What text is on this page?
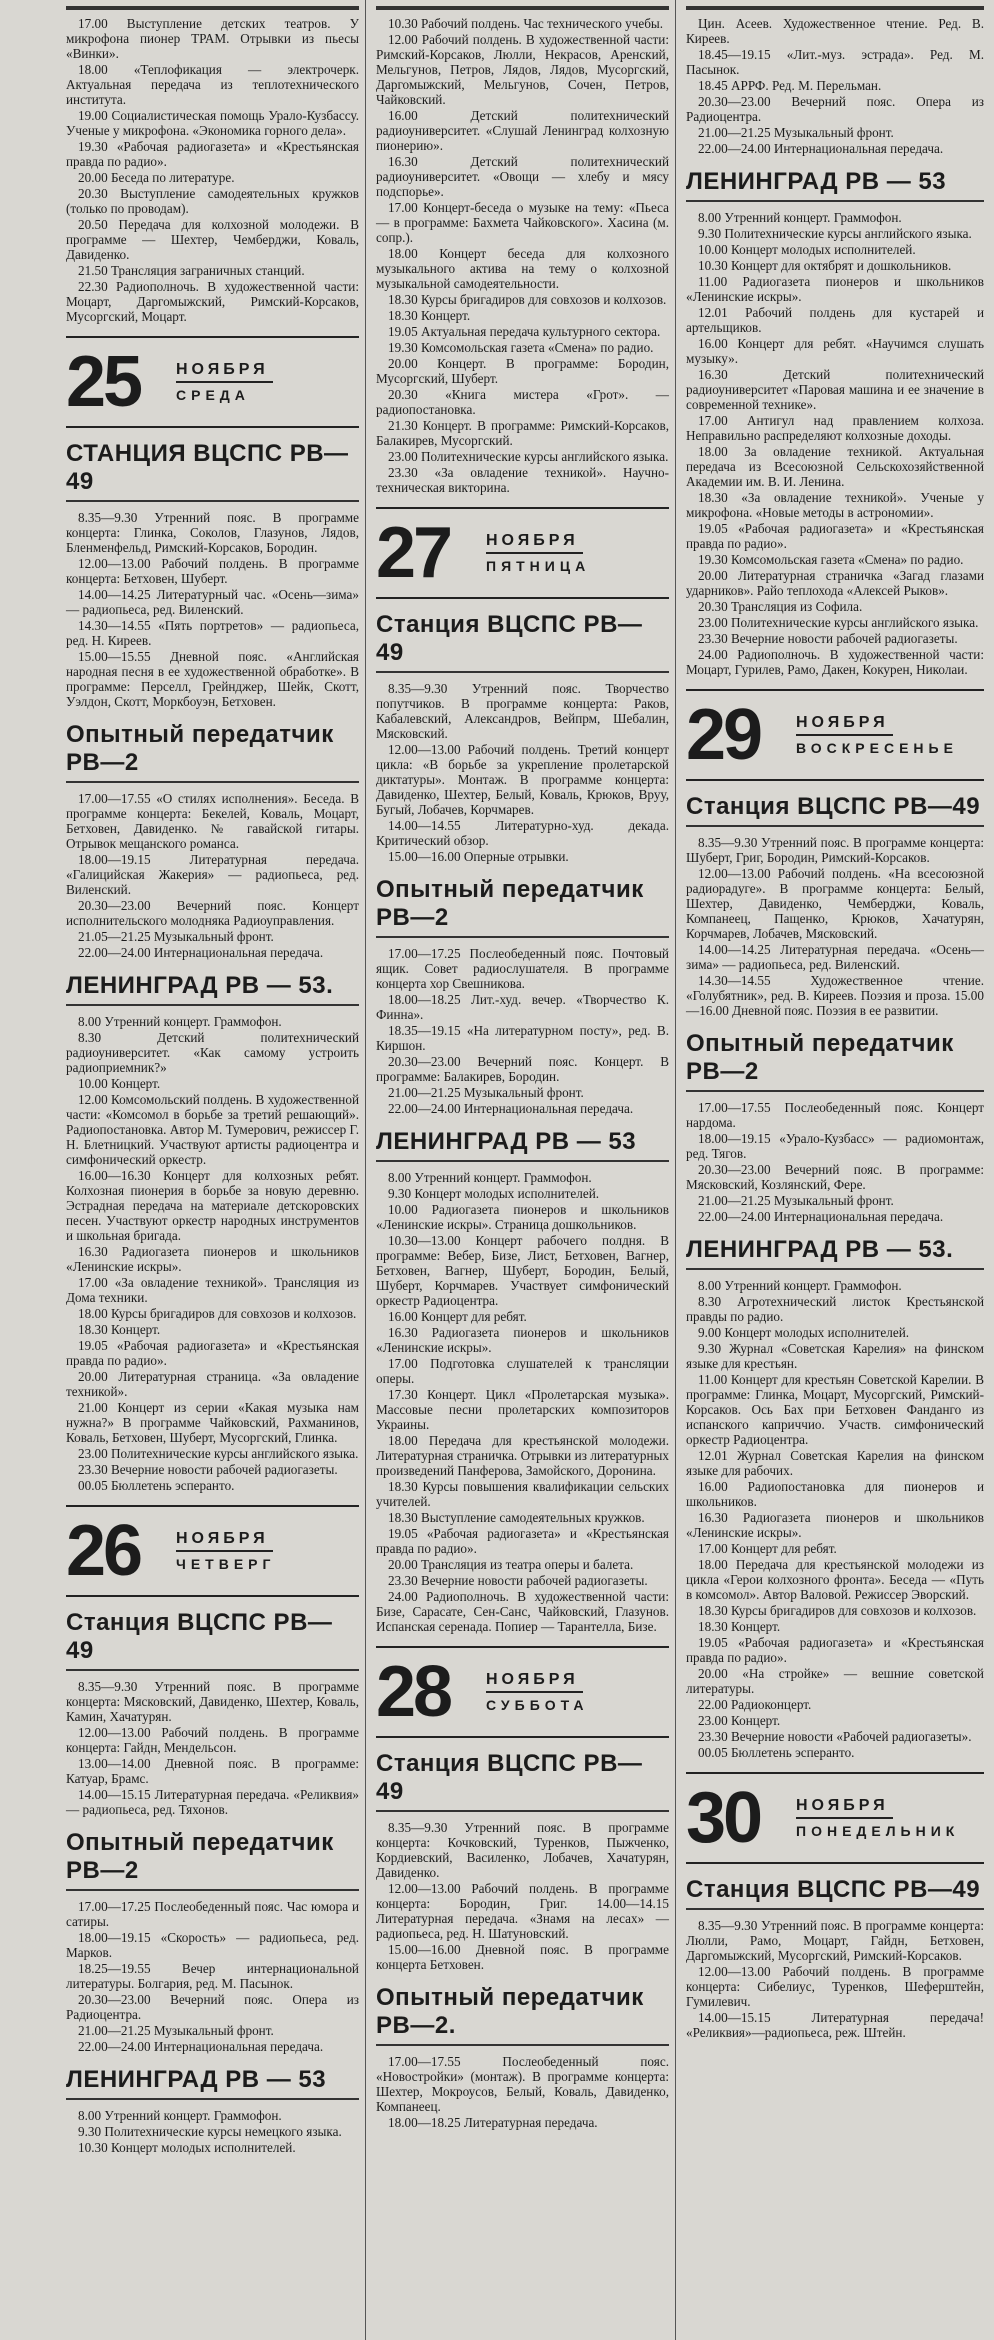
17.00 Выступление детских театров. У микрофона пионер ТРАМ. Отрывки из пьесы «Винки».

18.00 «Теплофикация — электрочерк. Актуальная передача из теплотехнического института.

19.00 Социалистическая помощь Урало-Кузбассу. Ученые у микрофона. «Экономика горного дела».

19.30 «Рабочая радиогазета» и «Крестьянская правда по радио».

20.00 Беседа по литературе.

20.30 Выступление самодеятельных кружков (только по проводам).

20.50 Передача для колхозной молодежи. В программе — Шехтер, Чемберджи, Коваль, Давиденко.

21.50 Трансляция заграничных станций.

22.30 Радиополночь. В художественной части: Моцарт, Даргомыжский, Римский-Корсаков, Мусоргский, Моцарт.

25	НОЯБРЯ
СРЕДА
СТАНЦИЯ ВЦСПС РВ—49

8.35—9.30 Утренний пояс. В программе концерта: Глинка, Соколов, Глазунов, Лядов, Бленменфельд, Римский-Корсаков, Бородин.

12.00—13.00 Рабочий полдень. В программе концерта: Бетховен, Шуберт.

14.00—14.25 Литературный час. «Осень—зима» — радиопьеса, ред. Виленский.

14.30—14.55 «Пять портретов» — радиопьеса, ред. Н. Киреев.

15.00—15.55 Дневной пояс. «Английская народная песня в ее художественной обработке». В программе: Перселл, Грейнджер, Шейк, Скотт, Уэлдон, Скотт, Моркбоуэн, Бетховен.

Опытный передатчик РВ—2

17.00—17.55 «О стилях исполнения». Беседа. В программе концерта: Бекелей, Коваль, Моцарт, Бетховен, Давиденко. № гавайской гитары. Отрывок мещанского романса.

18.00—19.15 Литературная передача. «Галицийская Жакерия» — радиопьеса, ред. Виленский.

20.30—23.00 Вечерний пояс. Концерт исполнительского молодняка Радиоуправления.

21.05—21.25 Музыкальный фронт.

22.00—24.00 Интернациональная передача.

ЛЕНИНГРАД РВ — 53.

8.00 Утренний концерт. Граммофон.

8.30 Детский политехнический радиоуниверситет. «Как самому устроить радиоприемник?»

10.00 Концерт.

12.00 Комсомольский полдень. В художественной части: «Комсомол в борьбе за третий решающий». Радиопостановка. Автор М. Тумерович, режиссер Г. Н. Блетницкий. Участвуют артисты радиоцентра и симфонический оркестр.

16.00—16.30 Концерт для колхозных ребят. Колхозная пионерия в борьбе за новую деревню. Эстрадная передача на материале детскоровских песен. Участвуют оркестр народных инструментов и школьная бригада.

16.30 Радиогазета пионеров и школьников «Ленинские искры».

17.00 «За овладение техникой». Трансляция из Дома техники.

18.00 Курсы бригадиров для совхозов и колхозов.

18.30 Концерт.

19.05 «Рабочая радиогазета» и «Крестьянская правда по радио».

20.00 Литературная страница. «За овладение техникой».

21.00 Концерт из серии «Какая музыка нам нужна?» В программе Чайковский, Рахманинов, Коваль, Бетховен, Шуберт, Мусоргский, Глинка.

23.00 Политехнические курсы английского языка.

23.30 Вечерние новости рабочей радиогазеты.

00.05 Бюллетень эсперанто.

26	НОЯБРЯ
ЧЕТВЕРГ
Станция ВЦСПС РВ—49

8.35—9.30 Утренний пояс. В программе концерта: Мясковский, Давиденко, Шехтер, Коваль, Камин, Хачатурян.

12.00—13.00 Рабочий полдень. В программе концерта: Гайдн, Мендельсон.

13.00—14.00 Дневной пояс. В программе: Катуар, Брамс.

14.00—15.15 Литературная передача. «Реликвия» — радиопьеса, ред. Тяхонов.

Опытный передатчик РВ—2

17.00—17.25 Послеобеденный пояс. Час юмора и сатиры.

18.00—19.15 «Скорость» — радиопьеса, ред. Марков.

18.25—19.55 Вечер интернациональной литературы. Болгария, ред. М. Пасынок.

20.30—23.00 Вечерний пояс. Опера из Радиоцентра.

21.00—21.25 Музыкальный фронт.

22.00—24.00 Интернациональная передача.

ЛЕНИНГРАД РВ — 53

8.00 Утренний концерт. Граммофон.

9.30 Политехнические курсы немецкого языка.

10.30 Концерт молодых исполнителей.

10.30 Рабочий полдень. Час технического учебы.

12.00 Рабочий полдень. В художественной части: Римский-Корсаков, Люлли, Некрасов, Аренский, Мельгунов, Петров, Лядов, Лядов, Мусоргский, Даргомыжский, Мельгунов, Сочен, Петров, Чайковский.

16.00 Детский политехнический радиоуниверситет. «Слушай Ленинград колхозную пионерию».

16.30 Детский политехнический радиоуниверситет. «Овощи — хлебу и мясу подспорье».

17.00 Концерт-беседа о музыке на тему: «Пьеса — в программе: Бахмета Чайковского». Хасина (м. сопр.).

18.00 Концерт беседа для колхозного музыкального актива на тему о колхозной музыкальной самодеятельности.

18.30 Курсы бригадиров для совхозов и колхозов.

18.30 Концерт.

19.05 Актуальная передача культурного сектора.

19.30 Комсомольская газета «Смена» по радио.

20.00 Концерт. В программе: Бородин, Мусоргский, Шуберт.

20.30 «Книга мистера «Грот». — радиопостановка.

21.30 Концерт. В программе: Римский-Корсаков, Балакирев, Мусоргский.

23.00 Политехнические курсы английского языка.

23.30 «За овладение техникой». Научно-техническая викторина.

27	НОЯБРЯ
ПЯТНИЦА
Станция ВЦСПС РВ—49

8.35—9.30 Утренний пояс. Творчество попутчиков. В программе концерта: Раков, Кабалевский, Александров, Вейпрм, Шебалин, Мясковский.

12.00—13.00 Рабочий полдень. Третий концерт цикла: «В борьбе за укрепление пролетарской диктатуры». Монтаж. В программе концерта: Давиденко, Шехтер, Белый, Коваль, Крюков, Вруу, Бугый, Лобачев, Корчмарев.

14.00—14.55 Литературно-худ. декада. Критический обзор.

15.00—16.00 Оперные отрывки.

Опытный передатчик РВ—2

17.00—17.25 Послеобеденный пояс. Почтовый ящик. Совет радиослушателя. В программе концерта хор Свешникова.

18.00—18.25 Лит.-худ. вечер. «Творчество К. Финна».

18.35—19.15 «На литературном посту», ред. В. Киршон.

20.30—23.00 Вечерний пояс. Концерт. В программе: Балакирев, Бородин.

21.00—21.25 Музыкальный фронт.

22.00—24.00 Интернациональная передача.

ЛЕНИНГРАД РВ — 53

8.00 Утренний концерт. Граммофон.

9.30 Концерт молодых исполнителей.

10.00 Радиогазета пионеров и школьников «Ленинские искры». Страница дошкольников.

10.30—13.00 Концерт рабочего полдня. В программе: Вебер, Бизе, Лист, Бетховен, Вагнер, Бетховен, Вагнер, Шуберт, Бородин, Белый, Шуберт, Корчмарев. Участвует симфонический оркестр Радиоцентра.

16.00 Концерт для ребят.

16.30 Радиогазета пионеров и школьников «Ленинские искры».

17.00 Подготовка слушателей к трансляции оперы.

17.30 Концерт. Цикл «Пролетарская музыка». Массовые песни пролетарских композиторов Украины.

18.00 Передача для крестьянской молодежи. Литературная страничка. Отрывки из литературных произведений Панферова, Замойского, Доронина.

18.30 Курсы повышения квалификации сельских учителей.

18.30 Выступление самодеятельных кружков.

19.05 «Рабочая радиогазета» и «Крестьянская правда по радио».

20.00 Трансляция из театра оперы и балета.

23.30 Вечерние новости рабочей радиогазеты.

24.00 Радиополночь. В художественной части: Бизе, Сарасате, Сен-Санс, Чайковский, Глазунов. Испанская серенада. Попиер — Тарантелла, Бизе.

28	НОЯБРЯ
СУББОТА
Станция ВЦСПС РВ—49

8.35—9.30 Утренний пояс. В программе концерта: Кочковский, Туренков, Пыжченко, Кордиевский, Василенко, Лобачев, Хачатурян, Давиденко.

12.00—13.00 Рабочий полдень. В программе концерта: Бородин, Григ. 14.00—14.15 Литературная передача. «Знамя на лесах» — радиопьеса, ред. Н. Шатуновский.

15.00—16.00 Дневной пояс. В программе концерта Бетховен.

Опытный передатчик РВ—2.

17.00—17.55 Послеобеденный пояс. «Новостройки» (монтаж). В программе концерта: Шехтер, Мокроусов, Белый, Коваль, Давиденко, Компанеец.

18.00—18.25 Литературная передача.

Цин. Асеев. Художественное чтение. Ред. В. Киреев.

18.45—19.15 «Лит.-муз. эстрада». Ред. М. Пасынок.

18.45 АРРФ. Ред. М. Перельман.

20.30—23.00 Вечерний пояс. Опера из Радиоцентра.

21.00—21.25 Музыкальный фронт.

22.00—24.00 Интернациональная передача.

ЛЕНИНГРАД РВ — 53

8.00 Утренний концерт. Граммофон.

9.30 Политехнические курсы английского языка.

10.00 Концерт молодых исполнителей.

10.30 Концерт для октябрят и дошкольников.

11.00 Радиогазета пионеров и школьников «Ленинские искры».

12.01 Рабочий полдень для кустарей и артельщиков.

16.00 Концерт для ребят. «Научимся слушать музыку».

16.30 Детский политехнический радиоуниверситет «Паровая машина и ее значение в современной технике».

17.00 Антигул над правлением колхоза. Неправильно распределяют колхозные доходы.

18.00 За овладение техникой. Актуальная передача из Всесоюзной Сельскохозяйственной Академии им. В. И. Ленина.

18.30 «За овладение техникой». Ученые у микрофона. «Новые методы в астрономии».

19.05 «Рабочая радиогазета» и «Крестьянская правда по радио».

19.30 Комсомольская газета «Смена» по радио.

20.00 Литературная страничка «Загад глазами ударников». Райо теплохода «Алексей Рыков».

20.30 Трансляция из Софила.

23.00 Политехнические курсы английского языка.

23.30 Вечерние новости рабочей радиогазеты.

24.00 Радиополночь. В художественной части: Моцарт, Гурилев, Рамо, Дакен, Кокурен, Николаи.

29	НОЯБРЯ
ВОСКРЕСЕНЬЕ
Станция ВЦСПС РВ—49

8.35—9.30 Утренний пояс. В программе концерта: Шуберт, Григ, Бородин, Римский-Корсаков.

12.00—13.00 Рабочий полдень. «На всесоюзной радиорадуге». В программе концерта: Белый, Шехтер, Давиденко, Чемберджи, Коваль, Компанеец, Пащенко, Крюков, Хачатурян, Корчмарев, Лобачев, Мясковский.

14.00—14.25 Литературная передача. «Осень—зима» — радиопьеса, ред. Виленский.

14.30—14.55 Художественное чтение. «Голубятник», ред. В. Киреев. Поэзия и проза. 15.00—16.00 Дневной пояс. Поэзия в ее развитии.

Опытный передатчик РВ—2

17.00—17.55 Послеобеденный пояс. Концерт нардома.

18.00—19.15 «Урало-Кузбасс» — радиомонтаж, ред. Тягов.

20.30—23.00 Вечерний пояс. В программе: Мясковский, Козлянский, Фере.

21.00—21.25 Музыкальный фронт.

22.00—24.00 Интернациональная передача.

ЛЕНИНГРАД РВ — 53.

8.00 Утренний концерт. Граммофон.

8.30 Агротехнический листок Крестьянской правды по радио.

9.00 Концерт молодых исполнителей.

9.30 Журнал «Советская Карелия» на финском языке для крестьян.

11.00 Концерт для крестьян Советской Карелии. В программе: Глинка, Моцарт, Мусоргский, Римский-Корсаков. Ось Бах при Бетховен Фанданго из испанского каприччио. Участв. симфонический оркестр Радиоцентра.

12.01 Журнал Советская Карелия на финском языке для рабочих.

16.00 Радиопостановка для пионеров и школьников.

16.30 Радиогазета пионеров и школьников «Ленинские искры».

17.00 Концерт для ребят.

18.00 Передача для крестьянской молодежи из цикла «Герои колхозного фронта». Беседа — «Путь в комсомол». Автор Валовой. Режиссер Эворский.

18.30 Курсы бригадиров для совхозов и колхозов.

18.30 Концерт.

19.05 «Рабочая радиогазета» и «Крестьянская правда по радио».

20.00 «На стройке» — вешние советской литературы.

22.00 Радиоконцерт.

23.00 Концерт.

23.30 Вечерние новости «Рабочей радиогазеты».

00.05 Бюллетень эсперанто.

30	НОЯБРЯ
ПОНЕДЕЛЬНИК
Станция ВЦСПС РВ—49

8.35—9.30 Утренний пояс. В программе концерта: Люлли, Рамо, Моцарт, Гайдн, Бетховен, Даргомыжский, Мусоргский, Римский-Корсаков.

12.00—13.00 Рабочий полдень. В программе концерта: Сибелиус, Туренков, Шеферштейн, Гумилевич.

14.00—15.15 Литературная передача! «Реликвия»—радиопьеса, реж. Штейн.
